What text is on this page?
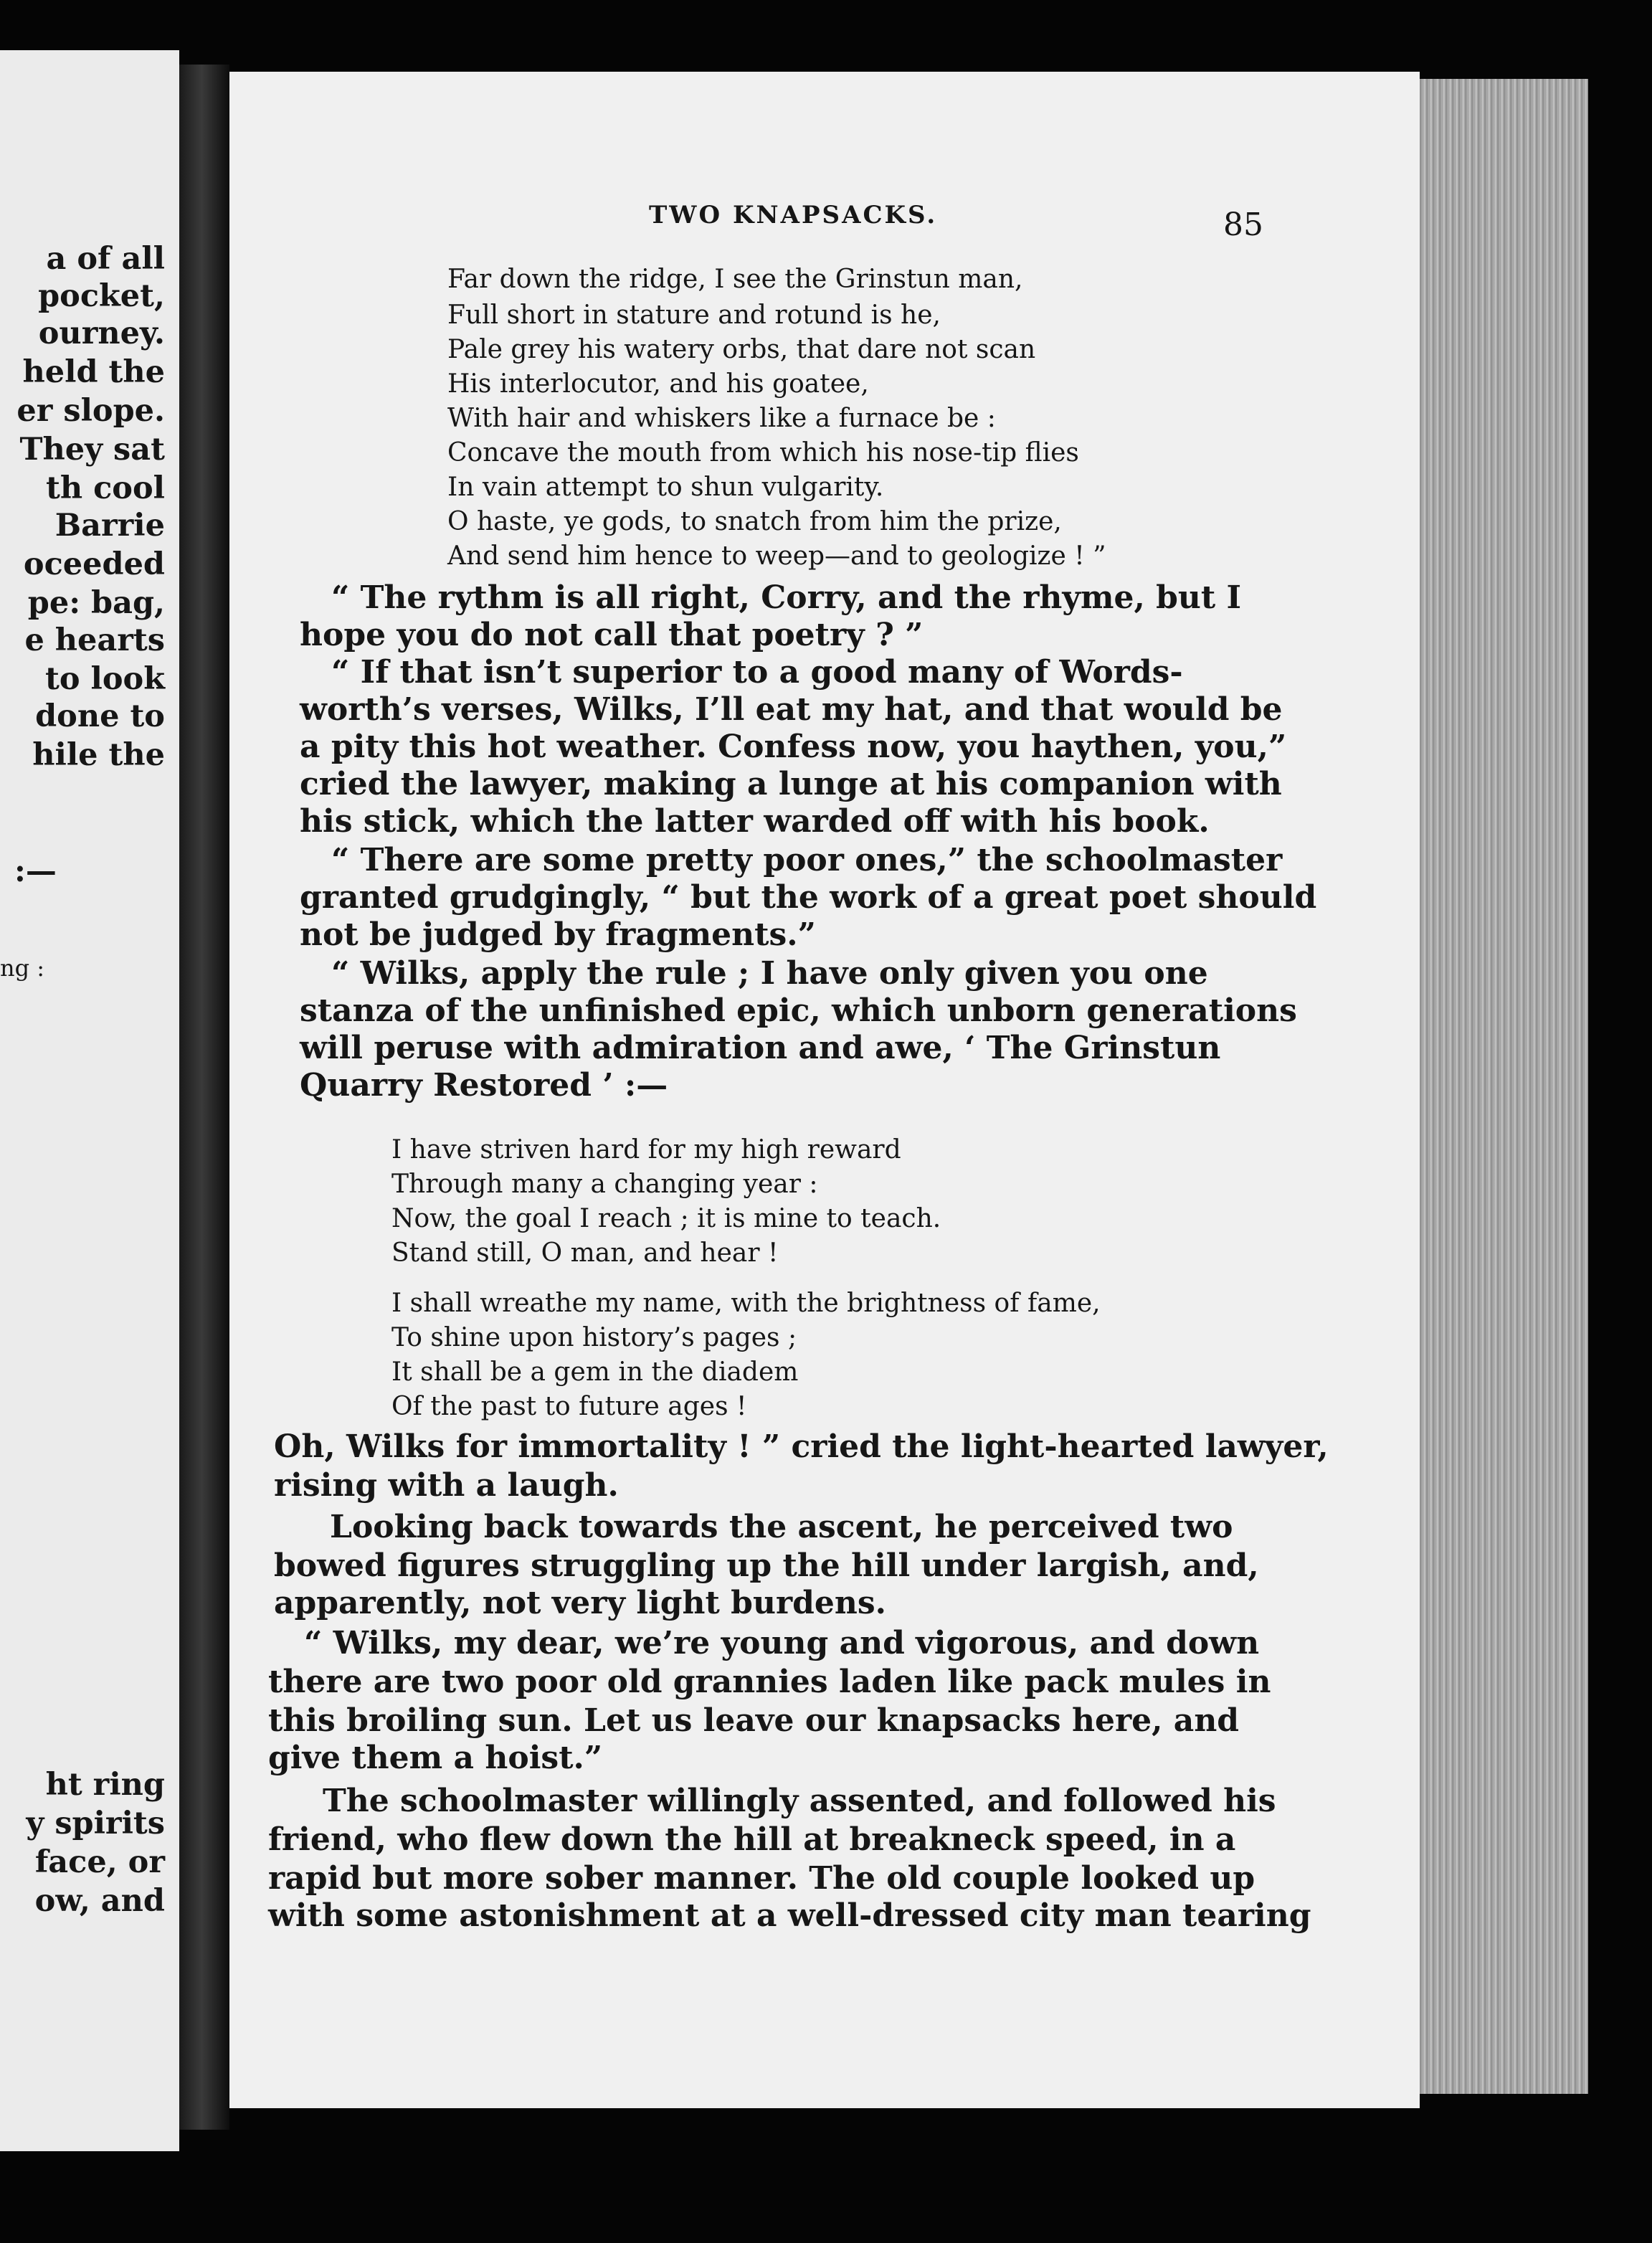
a of all
pocket,
ourney.
held the
er slope.
They sat
th cool
Barrie
oceeded
pe: bag,
e hearts
to look
done to
hile the
:—
ng :
ht ring
y spirits
face, or
ow, and
TWO KNAPSACKS.	85
Far down the ridge, I see the Grinstun man,
Full short in stature and rotund is he,
Pale grey his watery orbs, that dare not scan
His interlocutor, and his goatee,
With hair and whiskers like a furnace be :
Concave the mouth from which his nose-tip flies
In vain attempt to shun vulgarity.
O haste, ye gods, to snatch from him the prize,
And send him hence to weep—and to geologize ! ”
“ The rythm is all right, Corry, and the rhyme, but I
hope you do not call that poetry ? ”
“ If that isn’t superior to a good many of Words-
worth’s verses, Wilks, I’ll eat my hat, and that would be
a pity this hot weather. Confess now, you haythen, you,”
cried the lawyer, making a lunge at his companion with
his stick, which the latter warded off with his book.
“ There are some pretty poor ones,” the schoolmaster
granted grudgingly, “ but the work of a great poet should
not be judged by fragments.”
“ Wilks, apply the rule ; I have only given you one
stanza of the unfinished epic, which unborn generations
will peruse with admiration and awe, ‘ The Grinstun
Quarry Restored ’ :—
I have striven hard for my high reward
Through many a changing year :
Now, the goal I reach ; it is mine to teach.
Stand still, O man, and hear !
I shall wreathe my name, with the brightness of fame,
To shine upon history’s pages ;
It shall be a gem in the diadem
Of the past to future ages !
Oh, Wilks for immortality ! ” cried the light-hearted lawyer,
rising with a laugh.
Looking back towards the ascent, he perceived two
bowed figures struggling up the hill under largish, and,
apparently, not very light burdens.
“ Wilks, my dear, we’re young and vigorous, and down
there are two poor old grannies laden like pack mules in
this broiling sun. Let us leave our knapsacks here, and
give them a hoist.”
The schoolmaster willingly assented, and followed his
friend, who flew down the hill at breakneck speed, in a
rapid but more sober manner. The old couple looked up
with some astonishment at a well-dressed city man tearing
